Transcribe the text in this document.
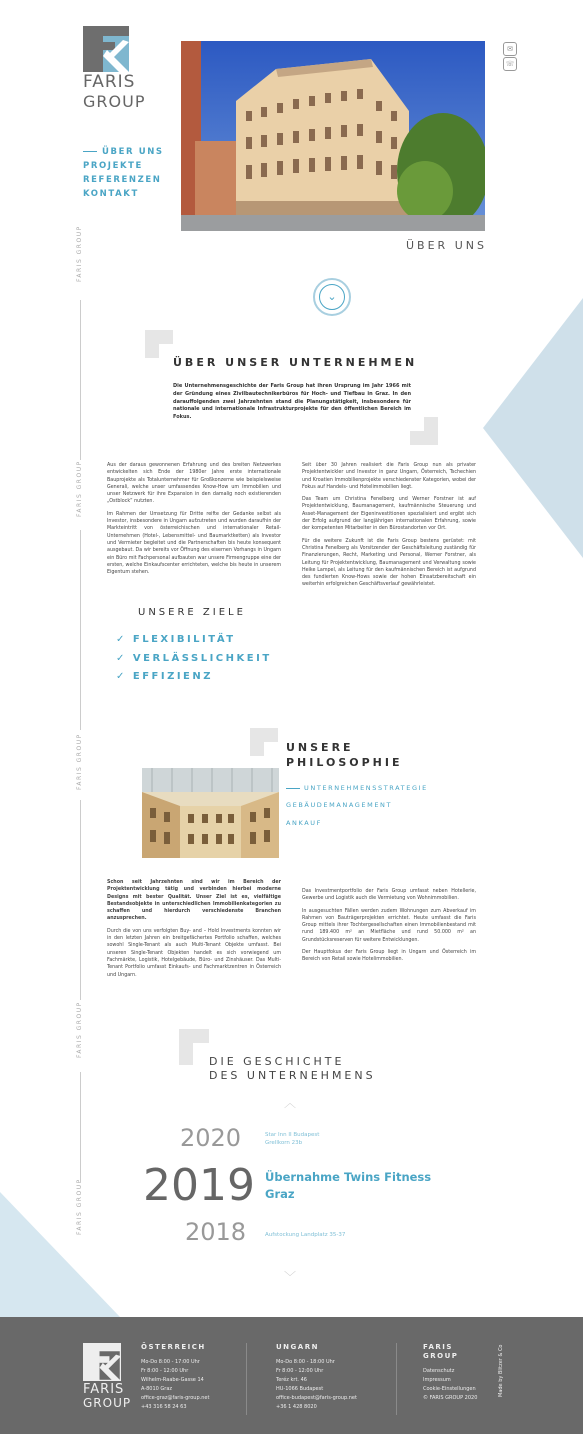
FARIS
GROUP
ÜBER UNS
PROJEKTE
REFERENZEN
KONTAKT
✉
☏
ÜBER UNS
FARIS GROUP
FARIS GROUP
FARIS GROUP
FARIS GROUP
FARIS GROUP
⌄
ÜBER UNSER UNTERNEHMEN
Die Unternehmensgeschichte der Faris Group hat ihren Ursprung im Jahr 1966 mit der Gründung eines Zivilbautechnikerbüros für Hoch- und Tiefbau in Graz. In den darauffolgenden zwei Jahrzehnten stand die Planungstätigkeit, insbesondere für nationale und internationale Infrastrukturprojekte für den öffentlichen Bereich im Fokus.

Aus der daraus gewonnenen Erfahrung und des breiten Netzwerkes entwickelten sich Ende der 1980er Jahre erste internationale Bauprojekte als Totalunternehmer für Großkonzerne wie beispielsweise Generali, welche unser umfassendes Know-How um Immobilien und unser Netzwerk für ihre Expansion in den damalig noch existierenden „Ostblock“ nutzten.

Im Rahmen der Umsetzung für Dritte reifte der Gedanke selbst als Investor, insbesondere in Ungarn aufzutreten und wurden daraufhin der Markteintritt von österreichischen und internationaler Retail-Unternehmen (Hotel-, Lebensmittel- und Baumarktketten) als Investor und Vermieter begleitet und die Partnerschaften bis heute konsequent ausgebaut. Da wir bereits vor Öffnung des eisernen Vorhangs in Ungarn ein Büro mit Fachpersonal aufbauten war unsere Firmengruppe eine der ersten, welche Einkaufscenter errichteten, welche bis heute in unserem Eigentum stehen.

Seit über 30 Jahren realisiert die Faris Group nun als privater Projektentwickler und Investor in ganz Ungarn, Österreich, Tschechien und Kroatien Immobilienprojekte verschiedenster Kategorien, wobei der Fokus auf Handels- und Hotelimmobilien liegt.

Das Team um Christina Fenelberg und Werner Forstner ist auf Projektentwicklung, Baumanagement, kaufmännische Steuerung und Asset-Management der Eigeninvestitionen spezialisiert und ergibt sich der Erfolg aufgrund der langjährigen internationalen Erfahrung, sowie der kompetenten Mitarbeiter in den Bürostandorten vor Ort.

Für die weitere Zukunft ist die Faris Group bestens gerüstet: mit Christina Fenelberg als Vorsitzender der Geschäftsleitung zuständig für Finanzierungen, Recht, Marketing und Personal, Werner Forstner, als Leitung für Projektentwicklung, Baumanagement und Verwaltung sowie Heike Lampel, als Leitung für den kaufmännischen Bereich ist aufgrund des fundierten Know-Hows sowie der hohen Einsatzbereitschaft ein weiterhin erfolgreichen Geschäftsverlauf gewährleistet.

UNSERE ZIELE
✓ FLEXIBILITÄT
✓ VERLÄSSLICHKEIT
✓ EFFIZIENZ
UNSERE
PHILOSOPHIE
UNTERNEHMENSSTRATEGIE
GEBÄUDEMANAGEMENT
ANKAUF

Schon seit Jahrzehnten sind wir im Bereich der Projektentwicklung tätig und verbinden hierbei moderne Designs mit bester Qualität. Unser Ziel ist es, vielfältige Bestandsobjekte in unterschiedlichen Immobilienkategorien zu schaffen und hierdurch verschiedenste Branchen anzusprechen.

Durch die von uns verfolgten Buy- and – Hold Investments konnten wir in den letzten Jahren ein breitgefächertes Portfolio schaffen, welches sowohl Single-Tenant als auch Multi-Tenant Objekte umfasst. Bei unseren Single-Tenant Objekten handelt es sich vorwiegend um Fachmärkte, Logistik, Hotelgebäude, Büro- und Zinshäuser. Das Multi-Tenant Portfolio umfasst Einkaufs- und Fachmarktzentren in Österreich und Ungarn.

Das Investmentportfolio der Faris Group umfasst neben Hotellerie, Gewerbe und Logistik auch die Vermietung von Wohnimmobilien.

In ausgesuchten Fällen werden zudem Wohnungen zum Abverkauf im Rahmen von Bauträgerprojekten errichtet. Heute umfasst die Faris Group mittels ihrer Tochtergesellschaften einen Immobilienbestand mit rund 189.400 m² an Mietfläche und rund 50.000 m² an Grundstücksreserven für weitere Entwicklungen.

Der Hauptfokus der Faris Group liegt in Ungarn und Österreich im Bereich von Retail sowie Hotelimmobilien.

DIE GESCHICHTE
DES UNTERNEHMENS
︿
2020	Star Inn II Budapest
Grellkorn 23b
2019 Übernahme Twins Fitness
Graz
2018	Aufstockung Landplatz 35-37
﹀
FARIS
GROUP
ÖSTERREICH
Mo-Do 8:00 - 17:00 Uhr
Fr 8:00 - 12:00 Uhr
Wilhelm-Raabe-Gasse 14
A-8010 Graz
office-graz@faris-group.net
+43 316 58 24 63
UNGARN
Mo-Do 8:00 - 18:00 Uhr
Fr 8:00 - 12:00 Uhr
Teréz krt. 46
HU-1066 Budapest
office-budapest@faris-group.net
+36 1 428 8020
FARIS
GROUP
Datenschutz
Impressum
Cookie-Einstellungen
© FARIS GROUP 2020
Made by Blitzer & Co
